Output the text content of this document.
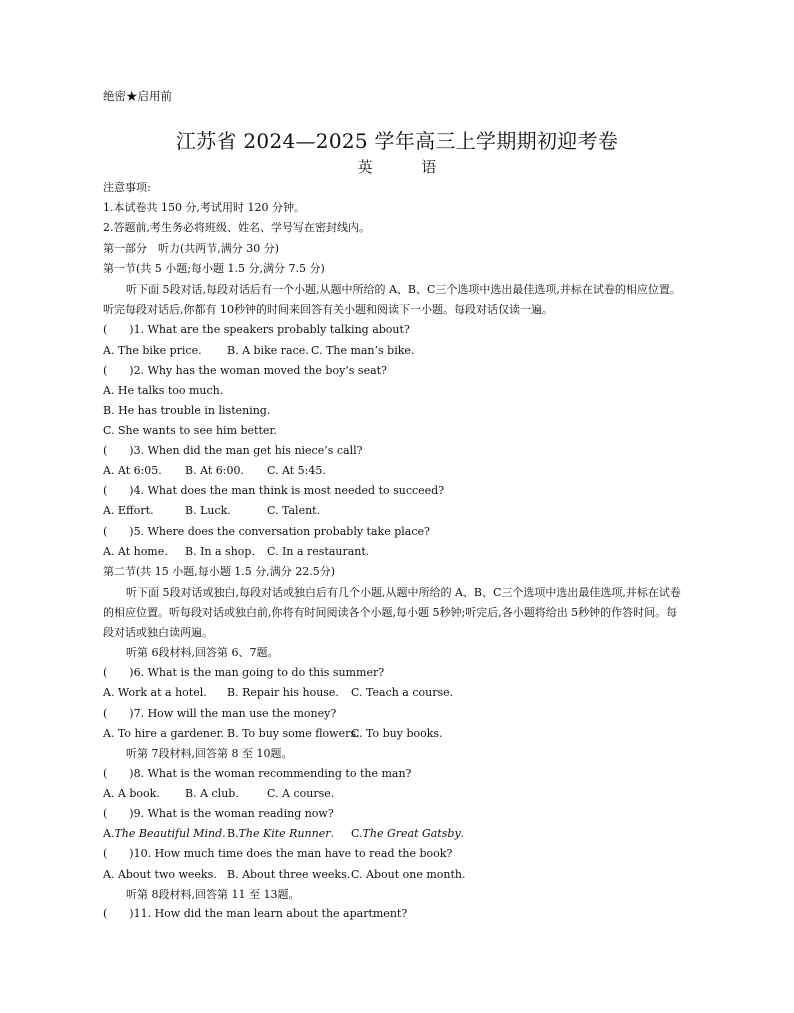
绝密★启用前
江苏省 2024—2025 学年高三上学期期初迎考卷
英	语
注意事项:
1.本试卷共 150 分,考试用时 120 分钟。
2.答题前,考生务必将班级、姓名、学号写在密封线内。
第一部分　听力(共两节,满分 30 分)
第一节(共 5 小题;每小题 1.5 分,满分 7.5 分)
听下面 5段对话,每段对话后有一个小题,从题中所给的 A、B、C三个选项中选出最佳选项,并标在试卷的相应位置。听完每段对话后,你都有 10秒钟的时间来回答有关小题和阅读下一小题。每段对话仅读一遍。
(　　)1. What are the speakers probably talking about?
A. The bike price. B. A bike race. C. The man’s bike.
(　　)2. Why has the woman moved the boy’s seat?
A. He talks too much.
B. He has trouble in listening.
C. She wants to see him better.
(　　)3. When did the man get his niece’s call?
A. At 6:05. B. At 6:00. C. At 5:45.
(　　)4. What does the man think is most needed to succeed?
A. Effort.	B. Luck.	C. Talent.
(　　)5. Where does the conversation probably take place?
A. At home. B. In a shop. C. In a restaurant.
第二节(共 15 小题,每小题 1.5 分,满分 22.5分)
听下面 5段对话或独白,每段对话或独白后有几个小题,从题中所给的 A、B、C三个选项中选出最佳选项,并标在试卷的相应位置。听每段对话或独白前,你将有时间阅读各个小题,每小题 5秒钟;听完后,各小题将给出 5秒钟的作答时间。每段对话或独白读两遍。
听第 6段材料,回答第 6、7题。
(　　)6. What is the man going to do this summer?
A. Work at a hotel. B. Repair his house. C. Teach a course.
(　　)7. How will the man use the money?
A. To hire a gardener. B. To buy some flowers.C. To buy books.
听第 7段材料,回答第 8 至 10题。
(　　)8. What is the woman recommending to the man?
A. A book. B. A club.	C. A course.
(　　)9. What is the woman reading now?
A.The Beautiful Mind.B.The Kite Runner. C.The Great Gatsby.
(　　)10. How much time does the man have to read the book?
A. About two weeks. B. About three weeks.C. About one month.
听第 8段材料,回答第 11 至 13题。
(　　)11. How did the man learn about the apartment?
